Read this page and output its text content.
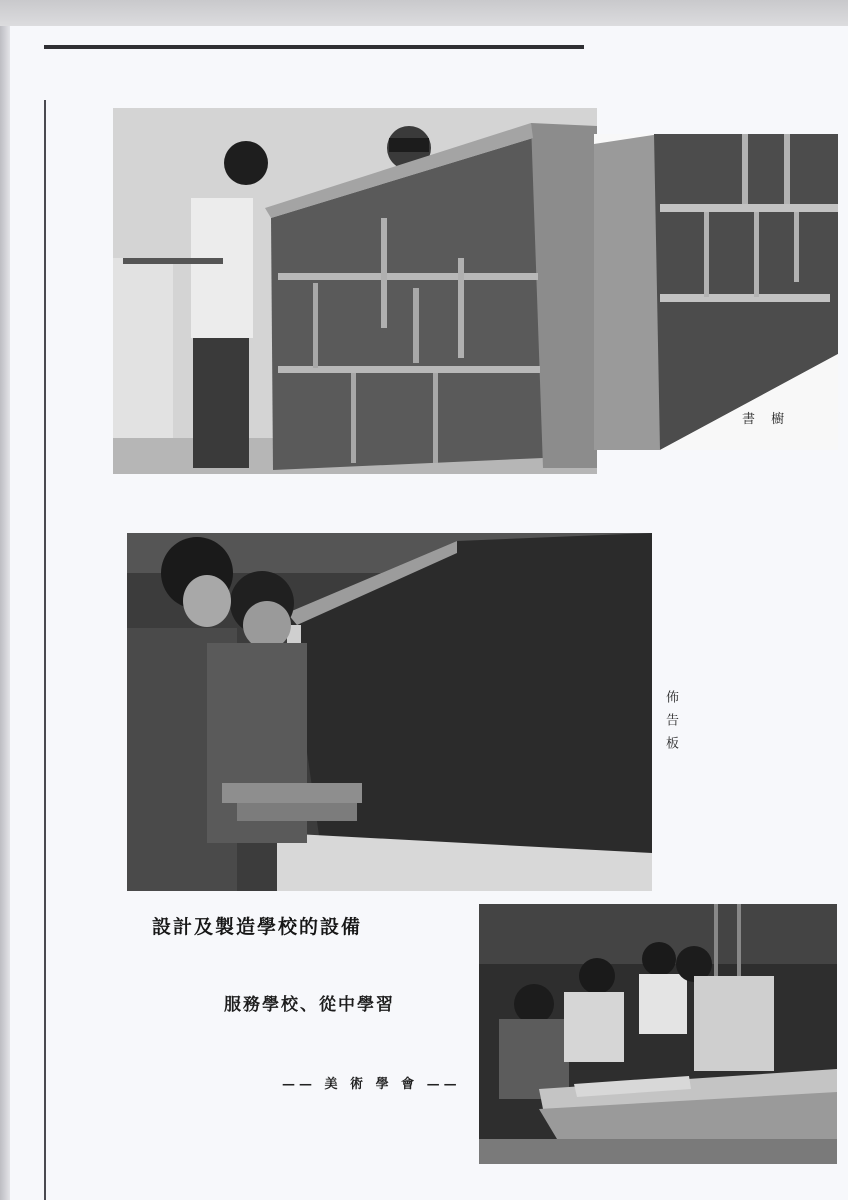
書 櫥
佈告板
設計及製造學校的設備
服務學校、從中學習
—— 美 術 學 會 ——
